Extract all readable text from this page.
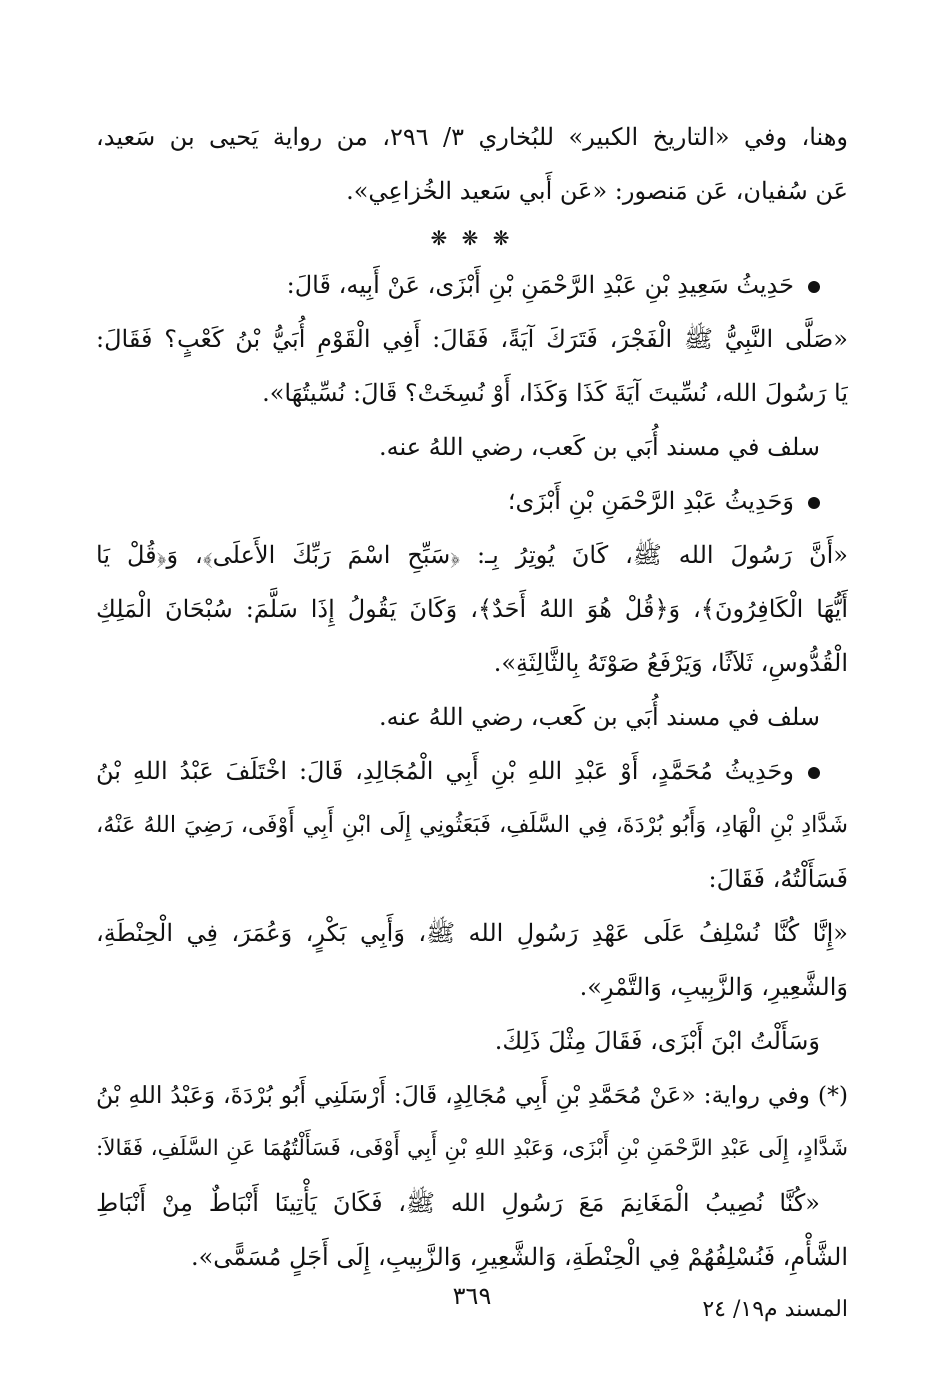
وهنا، وفي «التاريخ الكبير» للبُخاري ٣/ ٢٩٦، من رواية يَحيى بن سَعيد،
عَن سُفيان، عَن مَنصور: «عَن أَبي سَعيد الخُزاعِي».
❋ ❋ ❋
حَدِيثُ سَعِيدِ بْنِ عَبْدِ الرَّحْمَنِ بْنِ أَبْزَى، عَنْ أَبِيه، قَالَ:
«صَلَّى النَّبِيُّ ﷺ الْفَجْرَ، فَتَرَكَ آيَةً، فَقَالَ: أَفِي الْقَوْمِ أُبَيُّ بْنُ كَعْبٍ؟ فَقَالَ:
يَا رَسُولَ الله، نُسِّيتَ آيَةَ كَذَا وَكَذَا، أَوْ نُسِخَتْ؟ قَالَ: نُسِّيتُهَا».
سلف في مسند أُبَي بن كَعب، رضي اللهُ عنه.
وَحَدِيثُ عَبْدِ الرَّحْمَنِ بْنِ أَبْزَى؛
«أَنَّ رَسُولَ الله ﷺ، كَانَ يُوتِرُ بِـ: ﴿سَبِّحِ اسْمَ رَبِّكَ الأَعلَى﴾، وَ﴿قُلْ يَا
أَيُّهَا الْكَافِرُونَ﴾، وَ﴿قُلْ هُوَ اللهُ أَحَدٌ﴾، وَكَانَ يَقُولُ إِذَا سَلَّمَ: سُبْحَانَ الْمَلِكِ
الْقُدُّوسِ، ثَلاَثًا، وَيَرْفَعُ صَوْتَهُ بِالثَّالِثَةِ».
سلف في مسند أُبَي بن كَعب، رضي اللهُ عنه.
وحَدِيثُ مُحَمَّدٍ، أَوْ عَبْدِ اللهِ بْنِ أَبِي الْمُجَالِدِ، قَالَ: اخْتَلَفَ عَبْدُ اللهِ بْنُ
شَدَّادِ بْنِ الْهَادِ، وَأَبُو بُرْدَةَ، فِي السَّلَفِ، فَبَعَثُونِي إِلَى ابْنِ أَبِي أَوْفَى، رَضِيَ اللهُ عَنْهُ،
فَسَأَلْتُهُ، فَقَالَ:
«إِنَّا كُنَّا نُسْلِفُ عَلَى عَهْدِ رَسُولِ الله ﷺ، وَأَبِي بَكْرٍ، وَعُمَرَ، فِي الْحِنْطَةِ،
وَالشَّعِيرِ، وَالزَّبِيبِ، وَالتَّمْرِ».
وَسَأَلْتُ ابْنَ أَبْزَى، فَقَالَ مِثْلَ ذَلِكَ.
(*) وفي رواية: «عَنْ مُحَمَّدِ بْنِ أَبِي مُجَالِدٍ، قَالَ: أَرْسَلَنِي أَبُو بُرْدَةَ، وَعَبْدُ اللهِ بْنُ
شَدَّادٍ، إِلَى عَبْدِ الرَّحْمَنِ بْنِ أَبْزَى، وَعَبْدِ اللهِ بْنِ أَبِي أَوْفَى، فَسَأَلْتُهُمَا عَنِ السَّلَفِ، فَقَالاَ:
«كُنَّا نُصِيبُ الْمَغَانِمَ مَعَ رَسُولِ الله ﷺ، فَكَانَ يَأْتِينَا أَنْبَاطٌ مِنْ أَنْبَاطِ
الشَّأْمِ، فَنُسْلِفُهُمْ فِي الْحِنْطَةِ، وَالشَّعِيرِ، وَالزَّبِيبِ، إِلَى أَجَلٍ مُسَمًّى».
المسند م١٩/ ٢٤
٣٦٩
